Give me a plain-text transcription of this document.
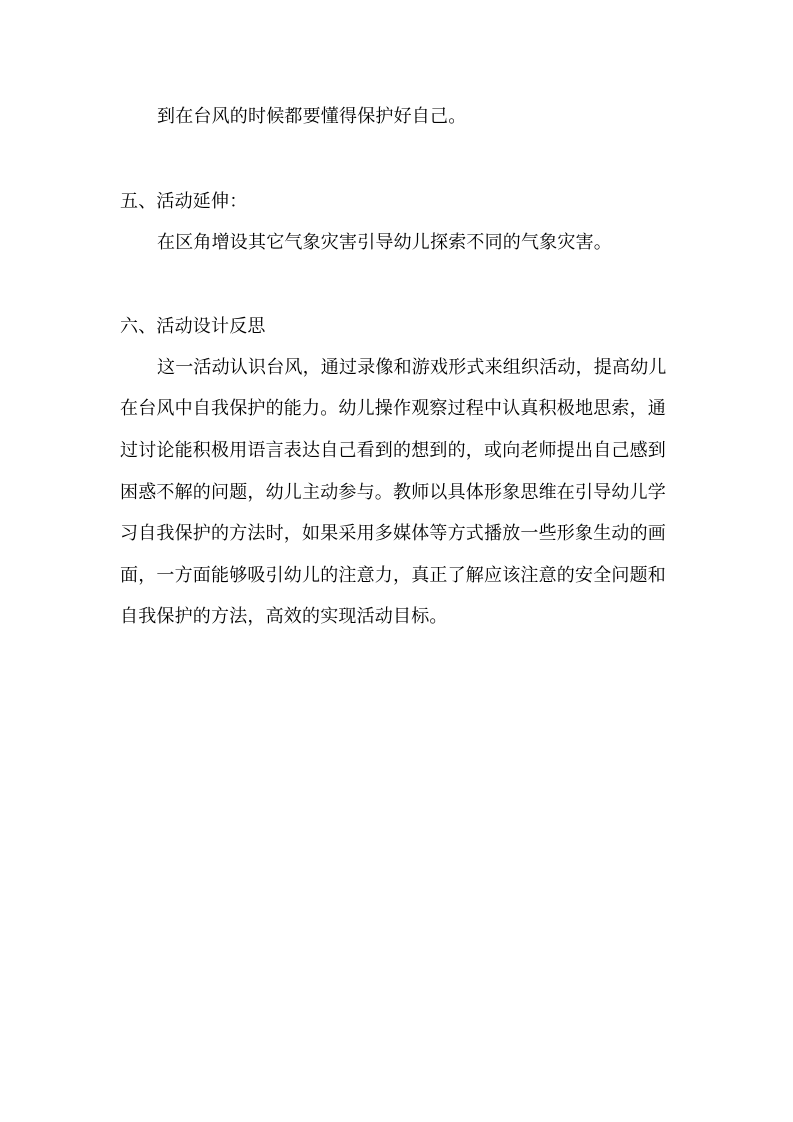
到在台风的时候都要懂得保护好自己。
五、活动延伸：
在区角增设其它气象灾害引导幼儿探索不同的气象灾害。
六、活动设计反思
这一活动认识台风，通过录像和游戏形式来组织活动，提高幼儿
在台风中自我保护的能力。幼儿操作观察过程中认真积极地思索，通
过讨论能积极用语言表达自己看到的想到的，或向老师提出自己感到
困惑不解的问题，幼儿主动参与。教师以具体形象思维在引导幼儿学
习自我保护的方法时，如果采用多媒体等方式播放一些形象生动的画
面，一方面能够吸引幼儿的注意力，真正了解应该注意的安全问题和
自我保护的方法，高效的实现活动目标。
